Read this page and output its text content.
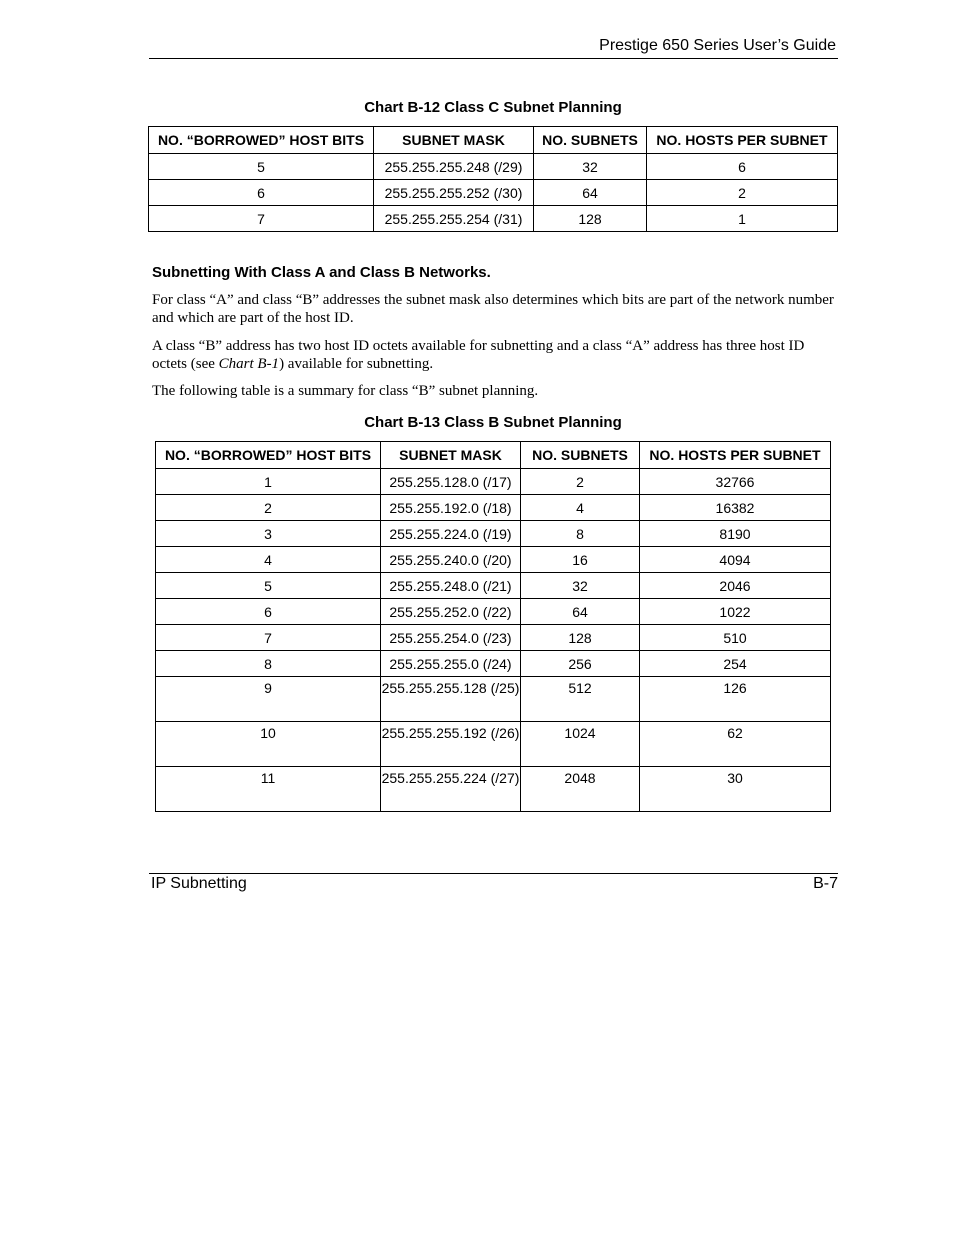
Prestige 650 Series User’s Guide
Chart B-12 Class C Subnet Planning
NO. “BORROWED” HOST BITS	SUBNET MASK	NO. SUBNETS	NO. HOSTS PER SUBNET
5	255.255.255.248 (/29)	32	6
6	255.255.255.252 (/30)	64	2
7	255.255.255.254 (/31)	128	1
Subnetting With Class A and Class B Networks.
For class “A” and class “B” addresses the subnet mask also determines which bits are part of the network number and which are part of the host ID.
A class “B” address has two host ID octets available for subnetting and a class “A” address has three host ID octets (see Chart B-1) available for subnetting.
The following table is a summary for class “B” subnet planning.
Chart B-13 Class B Subnet Planning
NO. “BORROWED” HOST BITS	SUBNET MASK	NO. SUBNETS	NO. HOSTS PER SUBNET
1	255.255.128.0 (/17)	2	32766
2	255.255.192.0 (/18)	4	16382
3	255.255.224.0 (/19)	8	8190
4	255.255.240.0 (/20)	16	4094
5	255.255.248.0 (/21)	32	2046
6	255.255.252.0 (/22)	64	1022
7	255.255.254.0 (/23)	128	510
8	255.255.255.0 (/24)	256	254
9	255.255.255.128 (/25)	512	126
10	255.255.255.192 (/26)	1024	62
11	255.255.255.224 (/27)	2048	30
IP Subnetting	B-7
